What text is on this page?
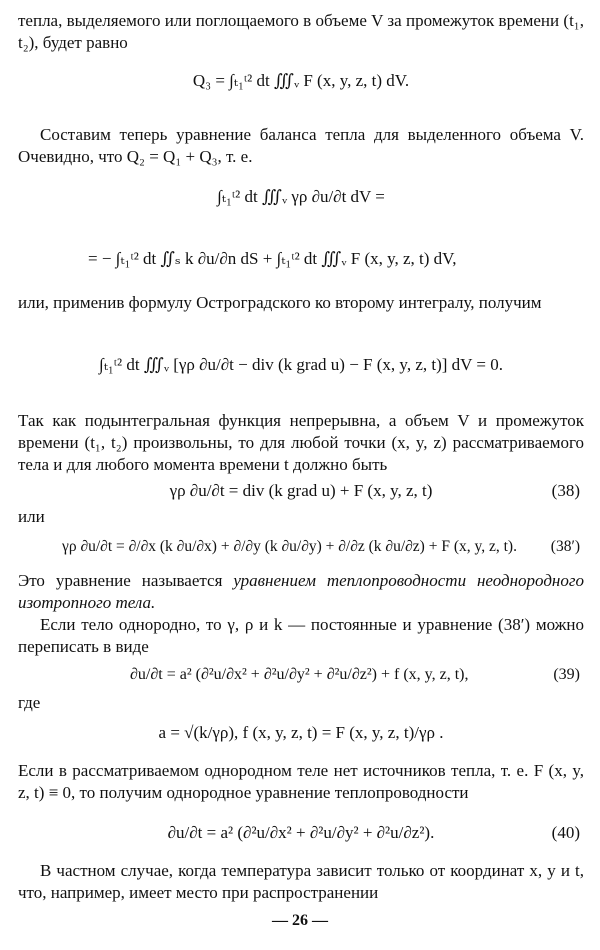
тепла, выделяемого или поглощаемого в объеме V за промежуток времени (t₁, t₂), будет равно

Q₃ = ∫ₜ₁ᵗ² dt ∭ᵥ F (x, y, z, t) dV.

Составим теперь уравнение баланса тепла для выделенного объема V. Очевидно, что Q₂ = Q₁ + Q₃, т. е.

∫ₜ₁ᵗ² dt ∭ᵥ γρ ∂u/∂t dV =
= − ∫ₜ₁ᵗ² dt ∬ₛ k ∂u/∂n dS + ∫ₜ₁ᵗ² dt ∭ᵥ F (x, y, z, t) dV,

или, применив формулу Остроградского ко второму интегралу, получим

∫ₜ₁ᵗ² dt ∭ᵥ [γρ ∂u/∂t − div (k grad u) − F (x, y, z, t)] dV = 0.

Так как подынтегральная функция непрерывна, а объем V и промежуток времени (t₁, t₂) произвольны, то для любой точки (x, y, z) рассматриваемого тела и для любого момента времени t должно быть

γρ ∂u/∂t = div (k grad u) + F (x, y, z, t)	(38)

или

γρ ∂u/∂t = ∂/∂x (k ∂u/∂x) + ∂/∂y (k ∂u/∂y) + ∂/∂z (k ∂u/∂z) + F (x, y, z, t). (38′)

Это уравнение называется уравнением теплопроводности неоднородного изотропного тела.

Если тело однородно, то γ, ρ и k — постоянные и уравнение (38′) можно переписать в виде

∂u/∂t = a² (∂²u/∂x² + ∂²u/∂y² + ∂²u/∂z²) + f (x, y, z, t),	(39)

где

a = √(k/γρ), f (x, y, z, t) = F (x, y, z, t)/γρ .

Если в рассматриваемом однородном теле нет источников тепла, т. е. F (x, y, z, t) ≡ 0, то получим однородное уравнение теплопроводности

∂u/∂t = a² (∂²u/∂x² + ∂²u/∂y² + ∂²u/∂z²).	(40)

В частном случае, когда температура зависит только от координат x, y и t, что, например, имеет место при распространении

— 26 —
